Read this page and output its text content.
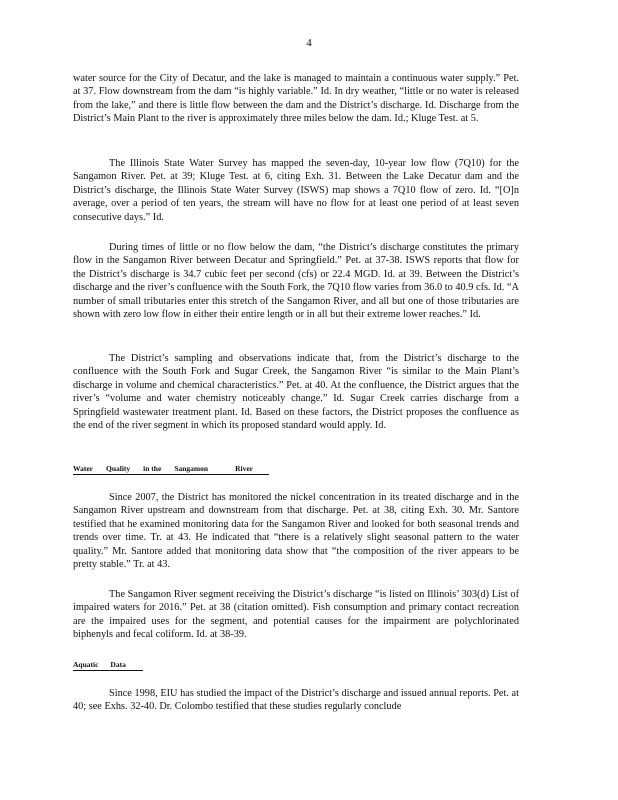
4

water source for the City of Decatur, and the lake is managed to maintain a continuous water supply.” Pet. at 37. Flow downstream from the dam “is highly variable.” Id. In dry weather, “little or no water is released from the lake,” and there is little flow between the dam and the District’s discharge. Id. Discharge from the District’s Main Plant to the river is approximately three miles below the dam. Id.; Kluge Test. at 5.

The Illinois State Water Survey has mapped the seven-day, 10-year low flow (7Q10) for the Sangamon River. Pet. at 39; Kluge Test. at 6, citing Exh. 31. Between the Lake Decatur dam and the District’s discharge, the Illinois State Water Survey (ISWS) map shows a 7Q10 flow of zero. Id. “[O]n average, over a period of ten years, the stream will have no flow for at least one period of at least seven consecutive days.” Id.

During times of little or no flow below the dam, “the District’s discharge constitutes the primary flow in the Sangamon River between Decatur and Springfield.” Pet. at 37-38. ISWS reports that flow for the District’s discharge is 34.7 cubic feet per second (cfs) or 22.4 MGD. Id. at 39. Between the District’s discharge and the river’s confluence with the South Fork, the 7Q10 flow varies from 36.0 to 40.9 cfs. Id. “A number of small tributaries enter this stretch of the Sangamon River, and all but one of those tributaries are shown with zero low flow in either their entire length or in all but their extreme lower reaches.” Id.

The District’s sampling and observations indicate that, from the District’s discharge to the confluence with the South Fork and Sugar Creek, the Sangamon River “is similar to the Main Plant’s discharge in volume and chemical characteristics.” Pet. at 40. At the confluence, the District argues that the river’s “volume and water chemistry noticeably change.” Id. Sugar Creek carries discharge from a Springfield wastewater treatment plant. Id. Based on these factors, the District proposes the confluence as the end of the river segment in which its proposed standard would apply. Id.

Water Quality in the Sangamon	River

Since 2007, the District has monitored the nickel concentration in its treated discharge and in the Sangamon River upstream and downstream from that discharge. Pet. at 38, citing Exh. 30. Mr. Santore testified that he examined monitoring data for the Sangamon River and looked for both seasonal trends and trends over time. Tr. at 43. He indicated that “there is a relatively slight seasonal pattern to the water quality.” Mr. Santore added that monitoring data show that “the composition of the river appears to be pretty stable.” Tr. at 43.

The Sangamon River segment receiving the District’s discharge “is listed on Illinois’ 303(d) List of impaired waters for 2016.” Pet. at 38 (citation omitted). Fish consumption and primary contact recreation are the impaired uses for the segment, and potential causes for the impairment are polychlorinated biphenyls and fecal coliform. Id. at 38-39.

Aquatic Data

Since 1998, EIU has studied the impact of the District’s discharge and issued annual reports. Pet. at 40; see Exhs. 32-40. Dr. Colombo testified that these studies regularly conclude
